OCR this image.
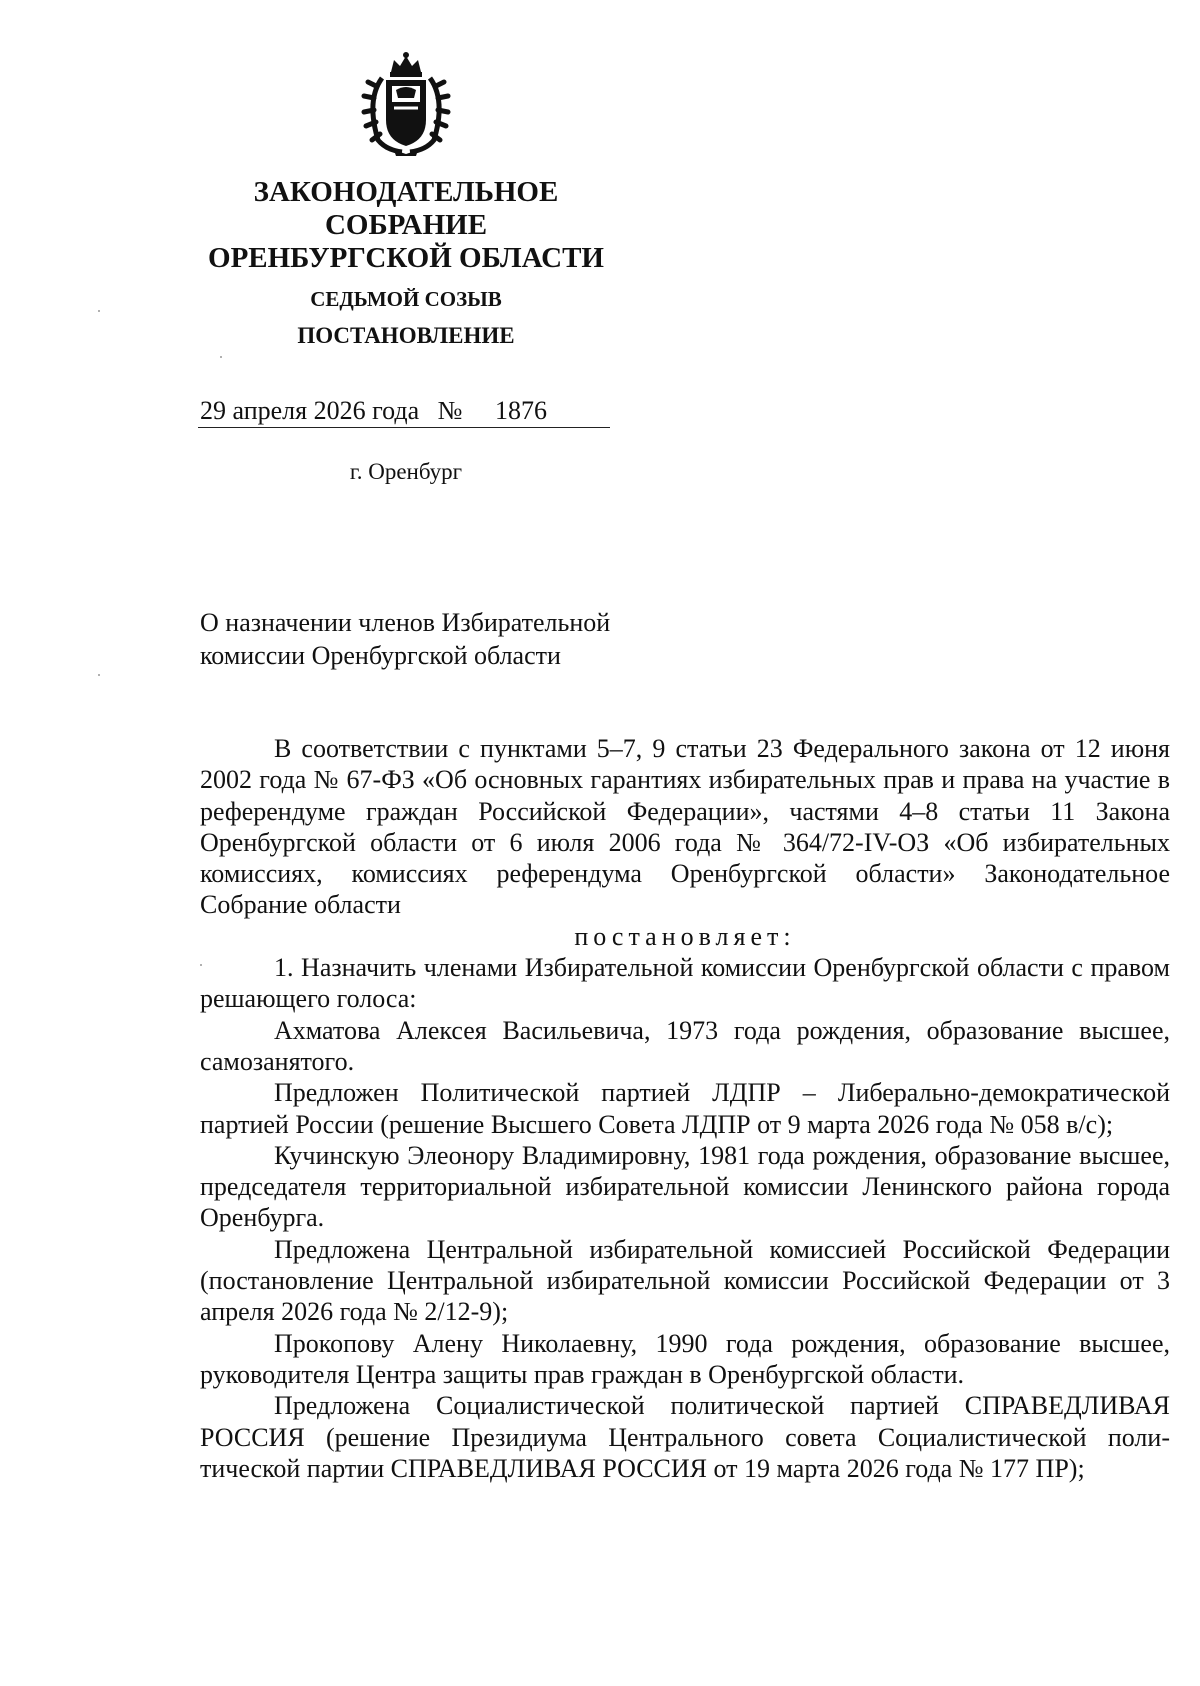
ЗАКОНОДАТЕЛЬНОЕ
СОБРАНИЕ
ОРЕНБУРГСКОЙ ОБЛАСТИ
СЕДЬМОЙ СОЗЫВ
ПОСТАНОВЛЕНИЕ
29 апреля 2026 года № 1876
г. Оренбург
О назначении членов Избирательной
комиссии Оренбургской области

В соответствии с пунктами 5–7, 9 статьи 23 Федерального закона от 12 июня 2002 года № 67-ФЗ «Об основных гарантиях избирательных прав и права на участие в референдуме граждан Российской Федерации», частями 4–8 статьи 11 Закона Оренбургской области от 6 июля 2006 года № 364/72-IV-ОЗ «Об избирательных комиссиях, комиссиях референдума Оренбургской области» Законодательное Собрание области

постановляет:

1. Назначить членами Избирательной комиссии Оренбургской области с правом решающего голоса:

Ахматова Алексея Васильевича, 1973 года рождения, образование высшее, самозанятого.

Предложен Политической партией ЛДПР – Либерально-демократической партией России (решение Высшего Совета ЛДПР от 9 марта 2026 года № 058 в/с);

Кучинскую Элеонору Владимировну, 1981 года рождения, образование высшее, председателя территориальной избирательной комиссии Ленинского района города Оренбурга.

Предложена Центральной избирательной комиссией Российской Федерации (постановление Центральной избирательной комиссии Российской Федерации от 3 апреля 2026 года № 2/12-9);

Прокопову Алену Николаевну, 1990 года рождения, образование высшее, руководителя Центра защиты прав граждан в Оренбургской области.

Предложена Социалистической политической партией СПРАВЕДЛИВАЯ РОССИЯ (решение Президиума Центрального совета Социалистической политической партии СПРАВЕДЛИВАЯ РОССИЯ от 19 марта 2026 года № 177 ПР);
